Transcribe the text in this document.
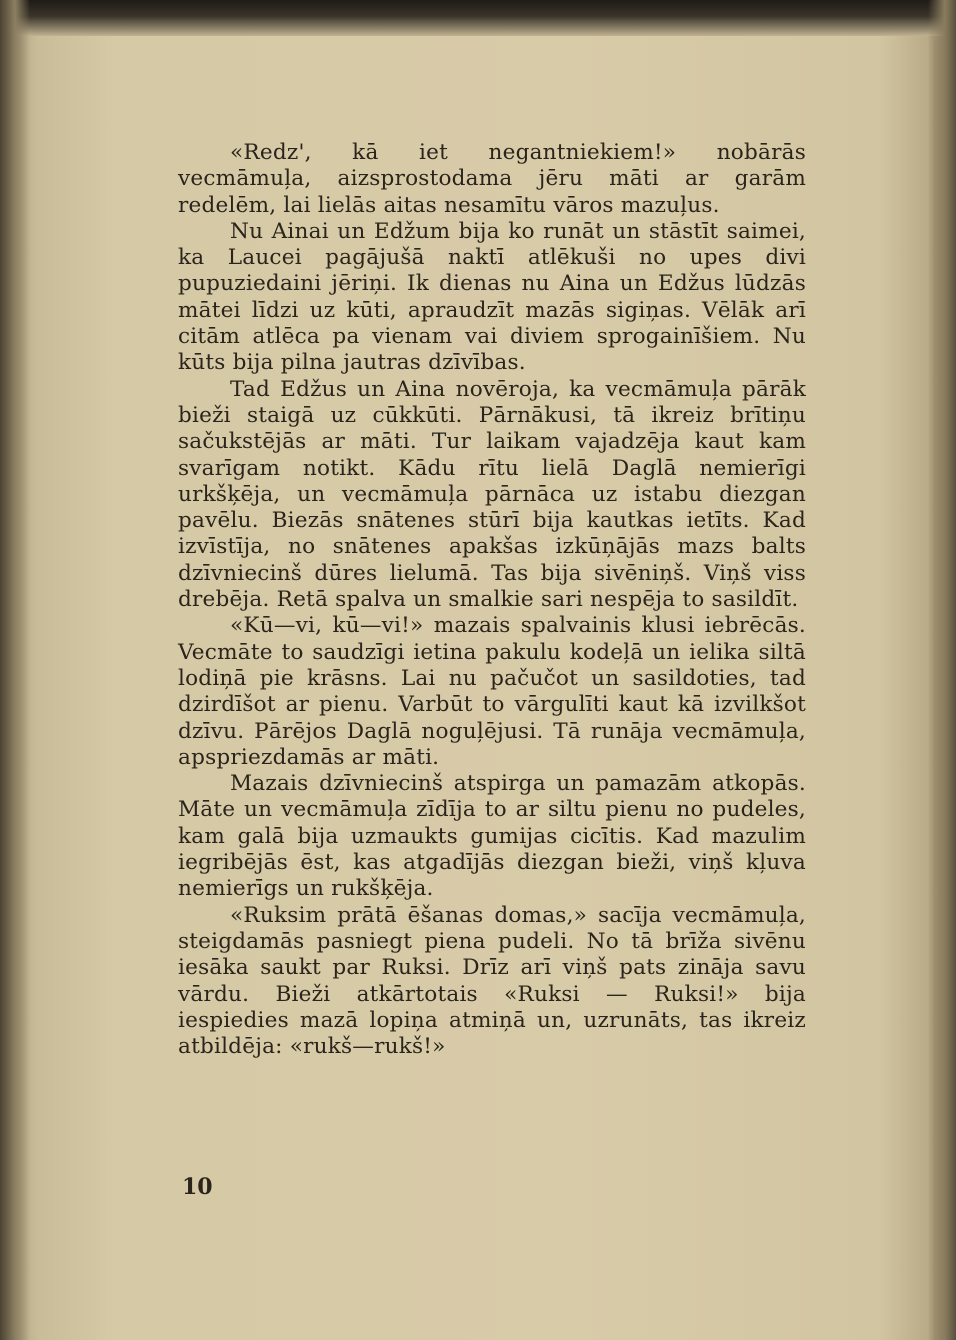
«Redz', kā iet negantniekiem!» nobārās vecmāmuļa, aizsprostodama jēru māti ar garām redelēm, lai lielās aitas nesamītu vāros mazuļus.

Nu Ainai un Edžum bija ko runāt un stāstīt saimei, ka Laucei pagājušā naktī atlēkuši no upes divi pupuziedaini jēriņi. Ik dienas nu Aina un Edžus lūdzās mātei līdzi uz kūti, apraudzīt mazās sigiņas. Vēlāk arī citām atlēca pa vienam vai diviem sprogainīšiem. Nu kūts bija pilna jautras dzīvības.

Tad Edžus un Aina novēroja, ka vecmāmuļa pārāk bieži staigā uz cūkkūti. Pārnākusi, tā ikreiz brītiņu sačukstējās ar māti. Tur laikam vajadzēja kaut kam svarīgam notikt. Kādu rītu lielā Daglā nemierīgi urkšķēja, un vecmāmuļa pārnāca uz istabu diezgan pavēlu. Biezās snātenes stūrī bija kautkas ietīts. Kad izvīstīja, no snātenes apakšas izkūņājās mazs balts dzīvniecinš dūres lielumā. Tas bija sivēniņš. Viņš viss drebēja. Retā spalva un smalkie sari nespēja to sasildīt.

«Kū—vi, kū—vi!» mazais spalvainis klusi iebrēcās. Vecmāte to saudzīgi ietina pakulu kodeļā un ielika siltā lodiņā pie krāsns. Lai nu pačučot un sasildoties, tad dzirdīšot ar pienu. Varbūt to vārgulīti kaut kā izvilkšot dzīvu. Pārējos Daglā noguļējusi. Tā runāja vecmāmuļa, apspriezdamās ar māti.

Mazais dzīvniecinš atspirga un pamazām atkopās. Māte un vecmāmuļa zīdīja to ar siltu pienu no pudeles, kam galā bija uzmaukts gumijas cicītis. Kad mazulim iegribējās ēst, kas atgadījās diezgan bieži, viņš kļuva nemierīgs un rukšķēja.

«Ruksim prātā ēšanas domas,» sacīja vecmāmuļa, steigdamās pasniegt piena pudeli. No tā brīža sivēnu iesāka saukt par Ruksi. Drīz arī viņš pats zināja savu vārdu. Bieži atkārtotais «Ruksi — Ruksi!» bija iespiedies mazā lopiņa atmiņā un, uzrunāts, tas ikreiz atbildēja: «rukš—rukš!»

10
